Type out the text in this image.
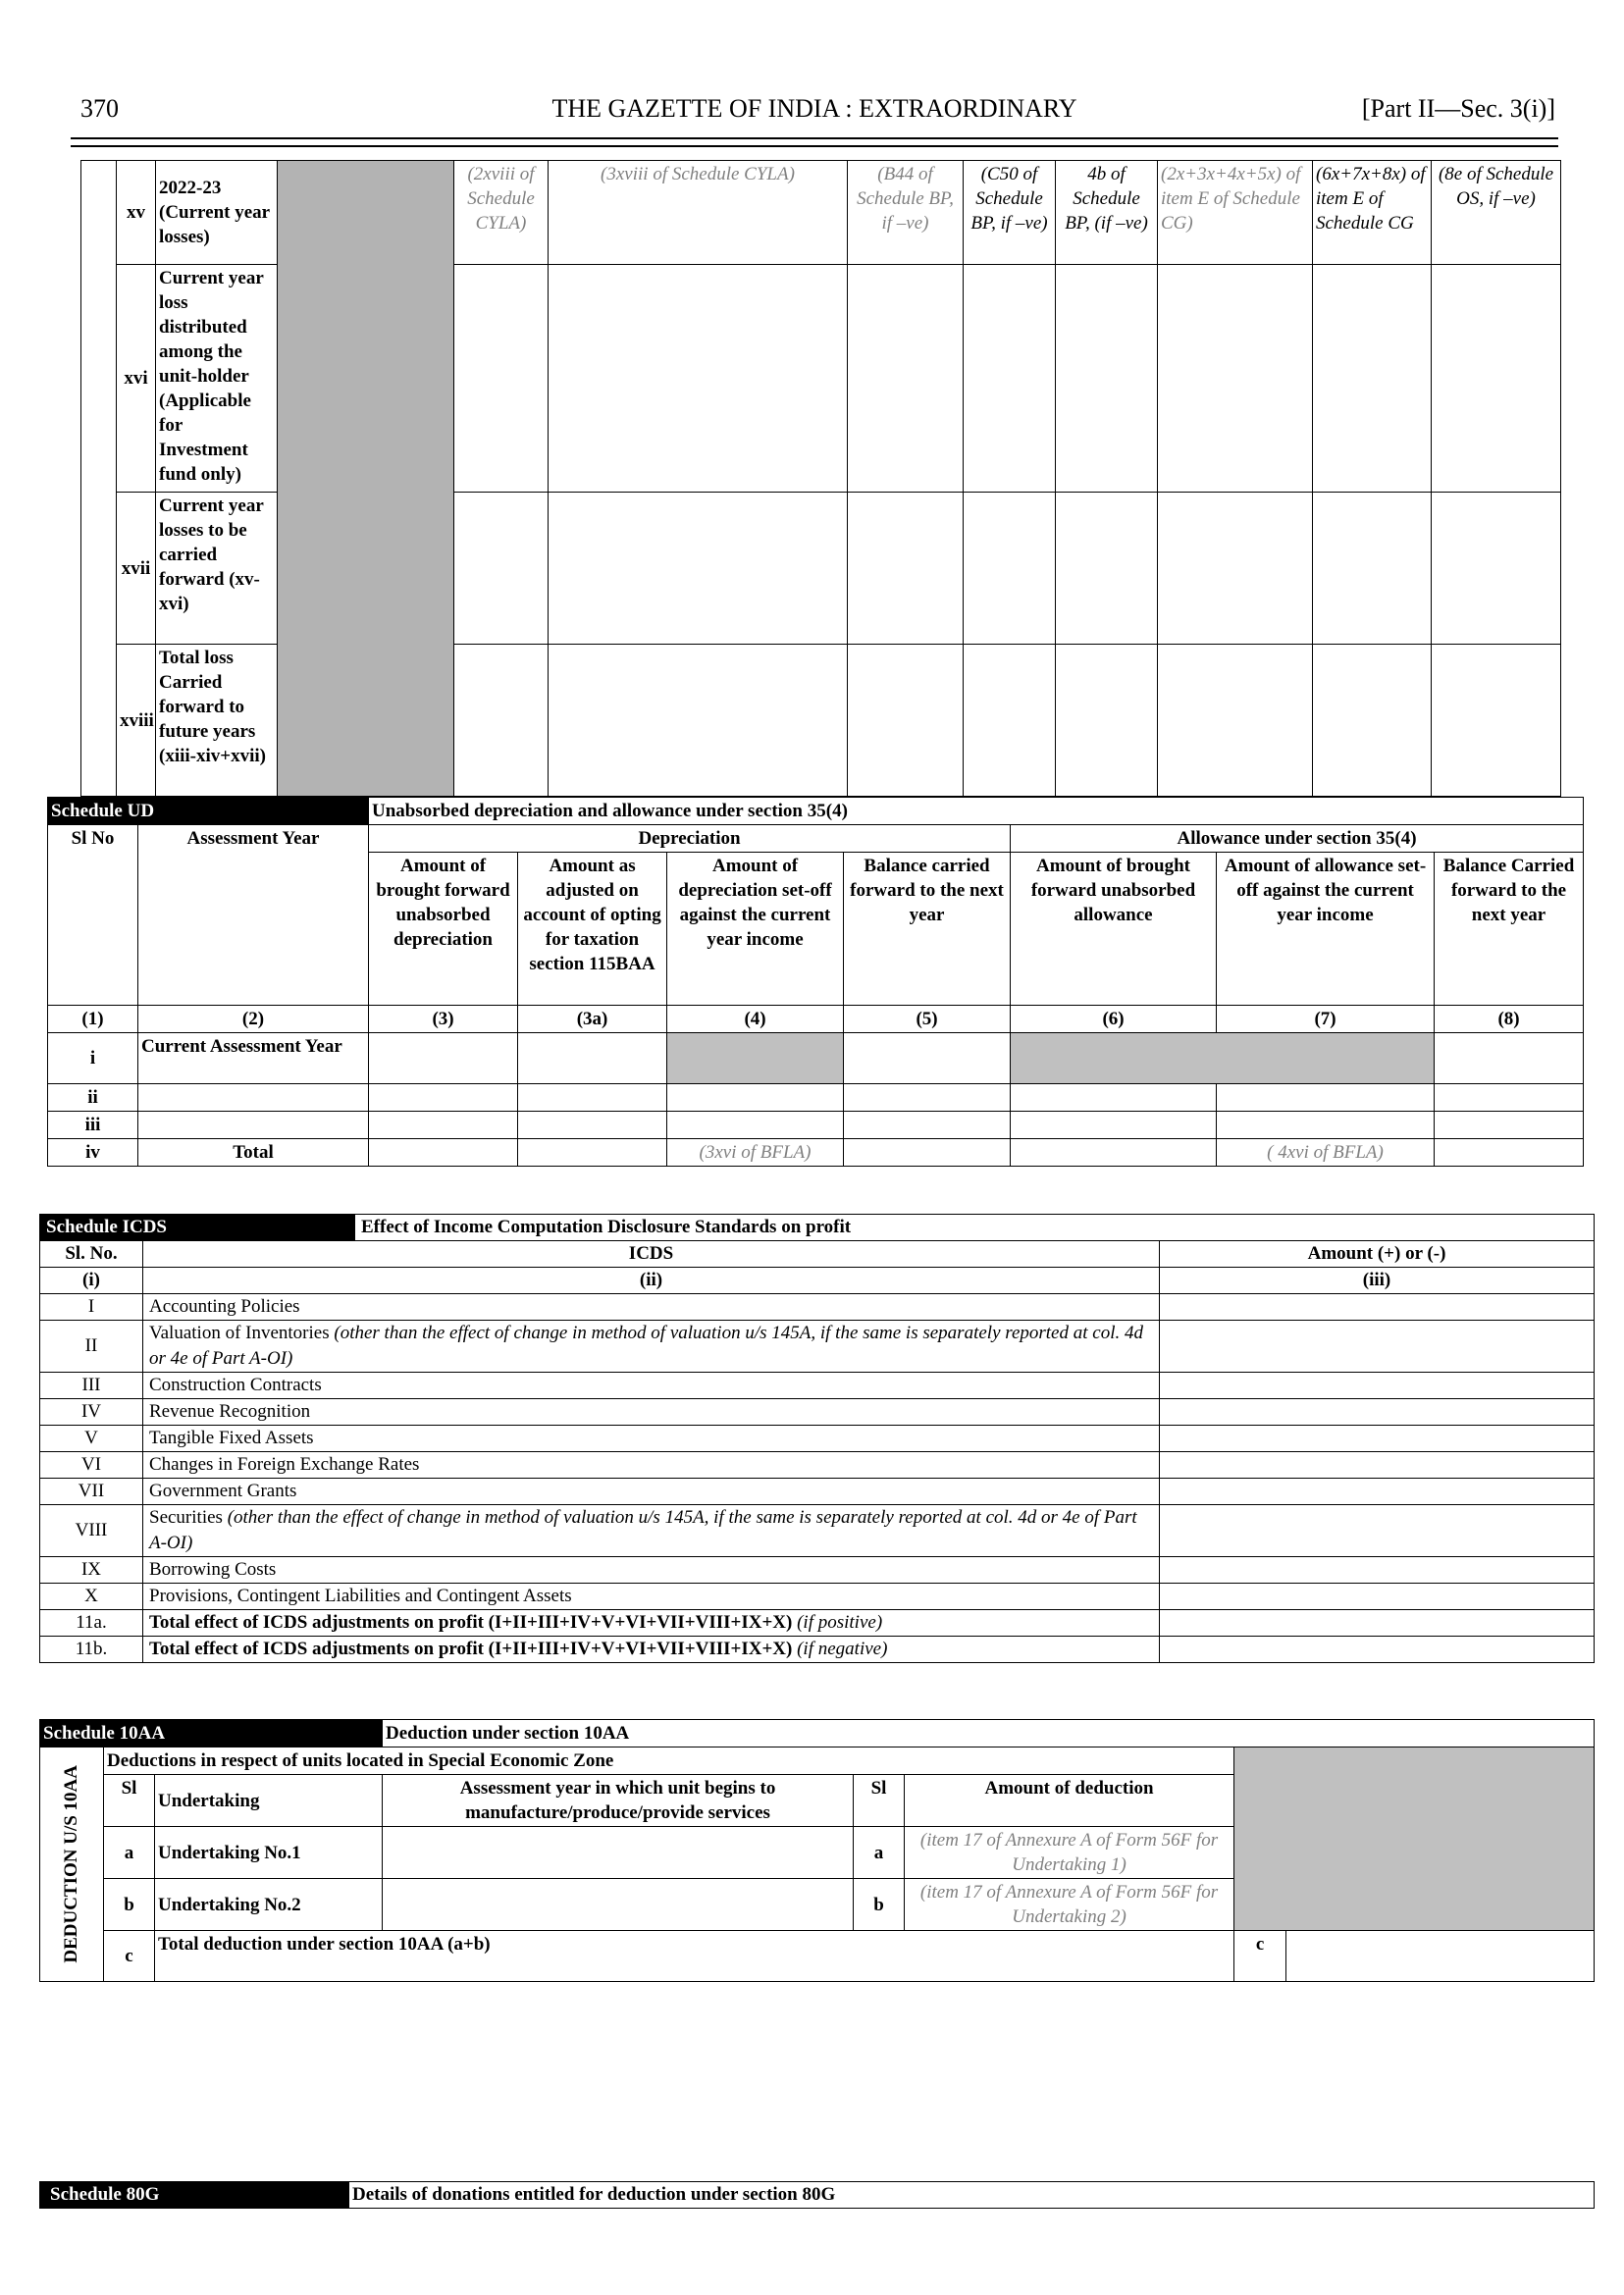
370	THE GAZETTE OF INDIA : EXTRAORDINARY	[Part II—Sec. 3(i)]
	xv	2022-23 (Current year losses)		(2xviii of Schedule CYLA)	(3xviii of Schedule CYLA)	(B44 of Schedule BP, if –ve)	(C50 of Schedule BP, if –ve)	4b of Schedule BP, (if –ve)	(2x+3x+4x+5x) of item E of Schedule CG)	(6x+7x+8x) of item E of Schedule CG	(8e of Schedule OS, if –ve)
	xvi	Current year loss distributed among the unit-holder (Applicable for Investment fund only)									
	xvii	Current year losses to be carried forward (xv-xvi)									
	xviii	Total loss Carried forward to future years (xiii-xiv+xvii)									
Schedule UD		Unabsorbed depreciation and allowance under section 35(4)						
Sl No	Assessment Year	Depreciation				Allowance under section 35(4)		
		Amount of brought forward unabsorbed depreciation	Amount as adjusted on account of opting for taxation section 115BAA	Amount of depreciation set-off against the current year income	Balance carried forward to the next year	Amount of brought forward unabsorbed allowance	Amount of allowance set-off against the current year income	Balance Carried forward to the next year
(1)	(2)	(3)	(3a)	(4)	(5)	(6)	(7)	(8)
i	Current Assessment Year							
ii								
iii								
iv	Total			(3xvi of BFLA)			( 4xvi of BFLA)	
Schedule ICDS		Effect of Income Computation Disclosure Standards on profit	
Sl. No.	ICDS		Amount (+) or (-)
(i)	(ii)		(iii)
I	Accounting Policies		
II	Valuation of Inventories (other than the effect of change in method of valuation u/s 145A, if the same is separately reported at col. 4d or 4e of Part A-OI)		
III	Construction Contracts		
IV	Revenue Recognition		
V	Tangible Fixed Assets		
VI	Changes in Foreign Exchange Rates		
VII	Government Grants		
VIII	Securities (other than the effect of change in method of valuation u/s 145A, if the same is separately reported at col. 4d or 4e of Part A-OI)		
IX	Borrowing Costs		
X	Provisions, Contingent Liabilities and Contingent Assets		
11a.	Total effect of ICDS adjustments on profit (I+II+III+IV+V+VI+VII+VIII+IX+X) (if positive)		
11b.	Total effect of ICDS adjustments on profit (I+II+III+IV+V+VI+VII+VIII+IX+X) (if negative)		
Schedule 10AA			Deduction under section 10AA				

DEDUCTION U/S 10AA	Deductions in respect of units located in Special Economic Zone						
	Sl	Undertaking	Assessment year in which unit begins to manufacture/produce/provide services	Sl	Amount of deduction		
	a	Undertaking No.1		a	(item 17 of Annexure A of Form 56F for Undertaking 1)		
	b	Undertaking No.2		b	(item 17 of Annexure A of Form 56F for Undertaking 2)		
	c	Total deduction under section 10AA (a+b)				c	
Schedule 80G	Details of donations entitled for deduction under section 80G
